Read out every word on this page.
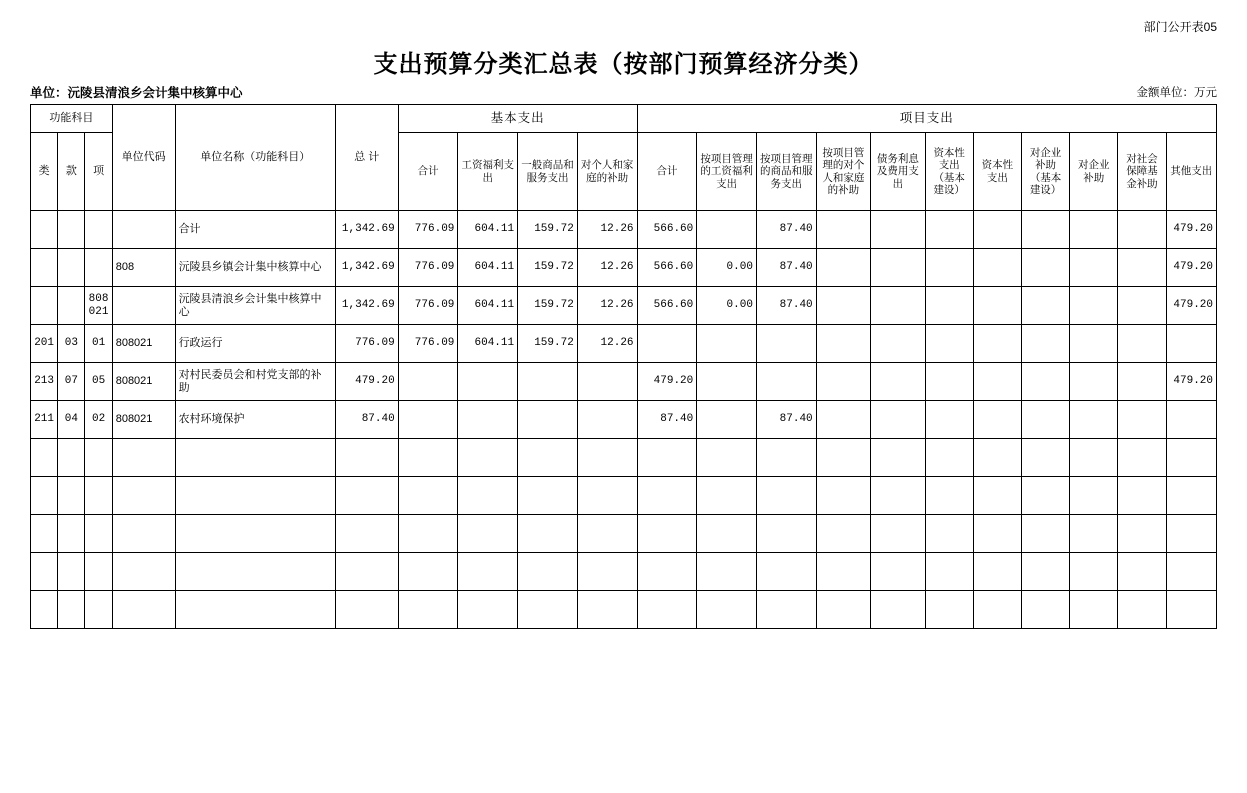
部门公开表05
支出预算分类汇总表（按部门预算经济分类）
单位：沅陵县清浪乡会计集中核算中心	金额单位：万元
功能科目			单位代码	单位名称（功能科目）	总 计	基本支出				项目支出										
类	款	项				合计	工资福利支出	一般商品和服务支出	对个人和家庭的补助	合计	按项目管理的工资福利支出	按项目管理的商品和服务支出	按项目管理的对个人和家庭的补助	债务利息及费用支出	资本性支出（基本建设）	资本性支出	对企业补助（基本建设）	对企业补助	对社会保障基金补助	其他支出
				合计	1,342.69	776.09	604.11	159.72	12.26	566.60		87.40								479.20
			808	沅陵县乡镇会计集中核算中心	1,342.69	776.09	604.11	159.72	12.26	566.60	0.00	87.40								479.20
		808021		沅陵县清浪乡会计集中核算中心	1,342.69	776.09	604.11	159.72	12.26	566.60	0.00	87.40								479.20
201	03	01	808021	行政运行	776.09	776.09	604.11	159.72	12.26											
213	07	05	808021	对村民委员会和村党支部的补助	479.20					479.20										479.20
211	04	02	808021	农村环境保护	87.40					87.40		87.40								
